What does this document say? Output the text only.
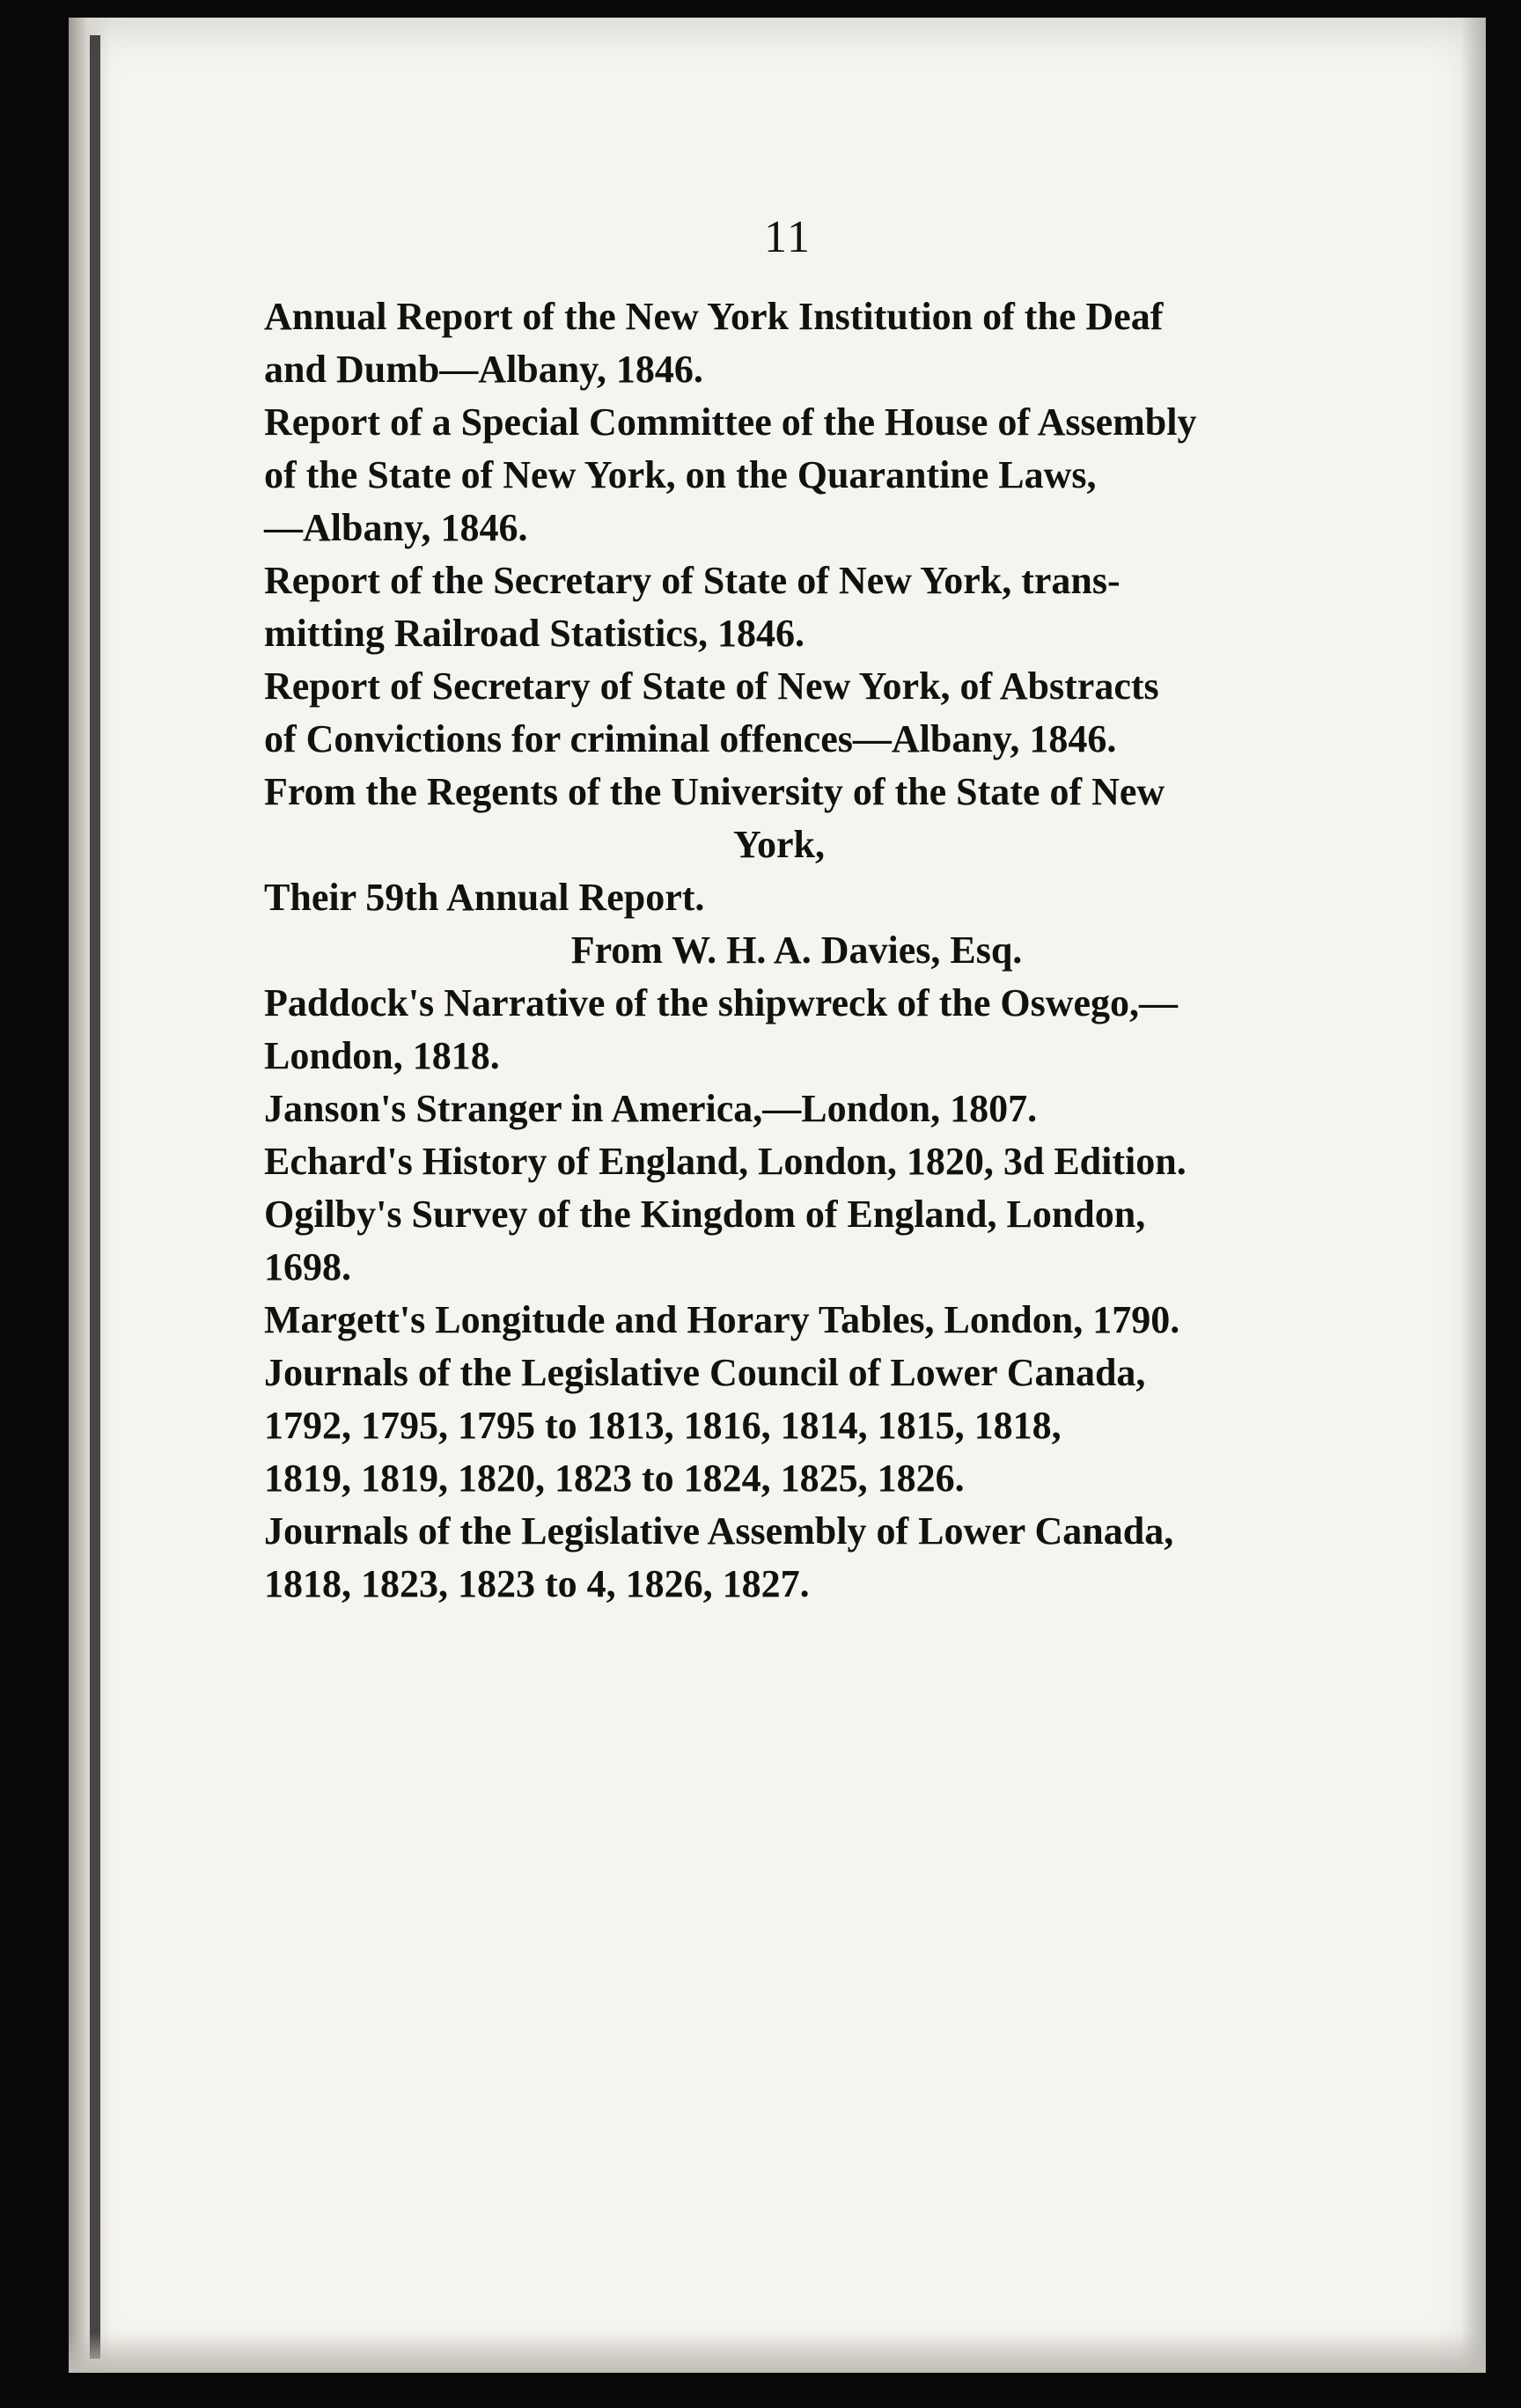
11

Annual Report of the New York Institution of the Deaf
and Dumb—Albany, 1846.

Report of a Special Committee of the House of Assembly
of the State of New York, on the Quarantine Laws,
—Albany, 1846.

Report of the Secretary of State of New York, trans-
mitting Railroad Statistics, 1846.

Report of Secretary of State of New York, of Abstracts
of Convictions for criminal offences—Albany, 1846.

From the Regents of the University of the State of New
York,

Their 59th Annual Report.

From W. H. A. Davies, Esq.

Paddock's Narrative of the shipwreck of the Oswego,—
London, 1818.

Janson's Stranger in America,—London, 1807.

Echard's History of England, London, 1820, 3d Edition.

Ogilby's Survey of the Kingdom of England, London,
1698.

Margett's Longitude and Horary Tables, London, 1790.

Journals of the Legislative Council of Lower Canada,
1792, 1795, 1795 to 1813, 1816, 1814, 1815, 1818,
1819, 1819, 1820, 1823 to 1824, 1825, 1826.

Journals of the Legislative Assembly of Lower Canada,
1818, 1823, 1823 to 4, 1826, 1827.
